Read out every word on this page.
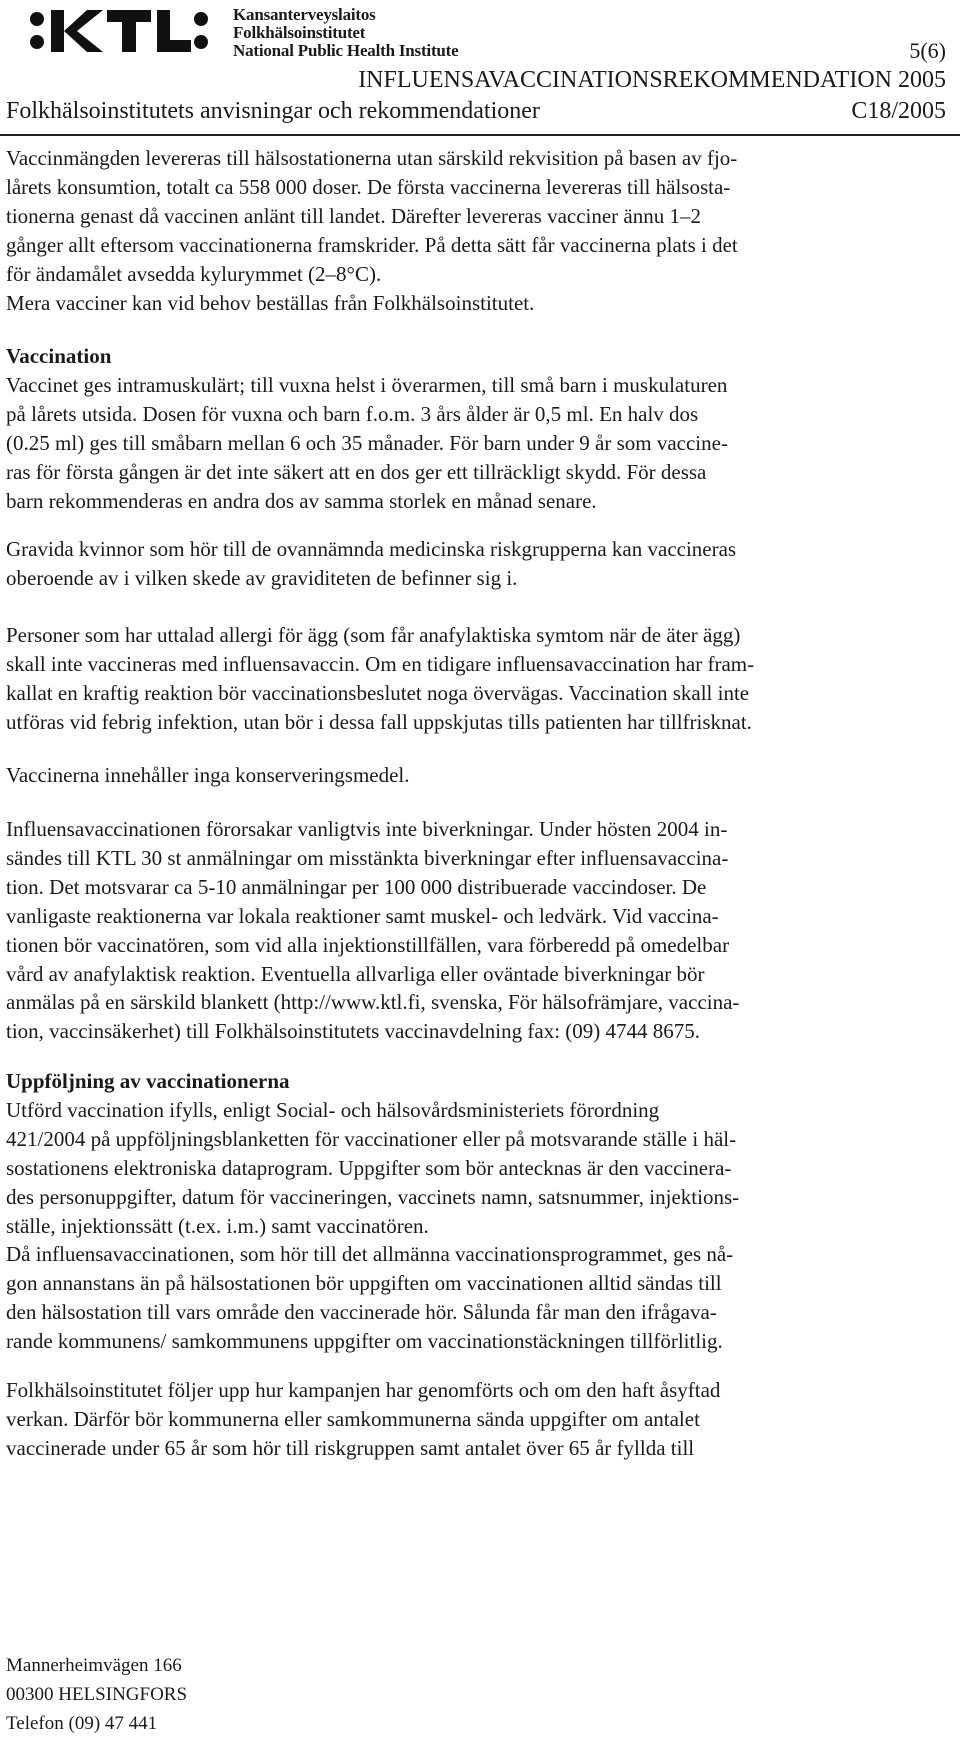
Kansanterveyslaitos
Folkhälsoinstitutet
National Public Health Institute	5(6)
INFLUENSAVACCINATIONSREKOMMENDATION 2005
Folkhälsoinstitutets anvisningar och rekommendationer	C18/2005
Vaccinmängden levereras till hälsostationerna utan särskild rekvisition på basen av fjo-
lårets konsumtion, totalt ca 558 000 doser. De första vaccinerna levereras till hälsosta-
tionerna genast då vaccinen anlänt till landet. Därefter levereras vacciner ännu 1–2
gånger allt eftersom vaccinationerna framskrider. På detta sätt får vaccinerna plats i det
för ändamålet avsedda kylurymmet (2–8°C).
Mera vacciner kan vid behov beställas från Folkhälsoinstitutet.
Vaccination
Vaccinet ges intramuskulärt; till vuxna helst i överarmen, till små barn i muskulaturen
på lårets utsida. Dosen för vuxna och barn f.o.m. 3 års ålder är 0,5 ml. En halv dos
(0.25 ml) ges till småbarn mellan 6 och 35 månader. För barn under 9 år som vaccine-
ras för första gången är det inte säkert att en dos ger ett tillräckligt skydd. För dessa
barn rekommenderas en andra dos av samma storlek en månad senare.
Gravida kvinnor som hör till de ovannämnda medicinska riskgrupperna kan vaccineras
oberoende av i vilken skede av graviditeten de befinner sig i.
Personer som har uttalad allergi för ägg (som får anafylaktiska symtom när de äter ägg)
skall inte vaccineras med influensavaccin. Om en tidigare influensavaccination har fram-
kallat en kraftig reaktion bör vaccinationsbeslutet noga övervägas. Vaccination skall inte
utföras vid febrig infektion, utan bör i dessa fall uppskjutas tills patienten har tillfrisknat.
Vaccinerna innehåller inga konserveringsmedel.
Influensavaccinationen förorsakar vanligtvis inte biverkningar. Under hösten 2004 in-
sändes till KTL 30 st anmälningar om misstänkta biverkningar efter influensavaccina-
tion. Det motsvarar ca 5-10 anmälningar per 100 000 distribuerade vaccindoser. De
vanligaste reaktionerna var lokala reaktioner samt muskel- och ledvärk. Vid vaccina-
tionen bör vaccinatören, som vid alla injektionstillfällen, vara förberedd på omedelbar
vård av anafylaktisk reaktion. Eventuella allvarliga eller oväntade biverkningar bör
anmälas på en särskild blankett (http://www.ktl.fi, svenska, För hälsofrämjare, vaccina-
tion, vaccinsäkerhet) till Folkhälsoinstitutets vaccinavdelning fax: (09) 4744 8675.
Uppföljning av vaccinationerna
Utförd vaccination ifylls, enligt Social- och hälsovårdsministeriets förordning
421/2004 på uppföljningsblanketten för vaccinationer eller på motsvarande ställe i häl-
sostationens elektroniska dataprogram. Uppgifter som bör antecknas är den vaccinera-
des personuppgifter, datum för vaccineringen, vaccinets namn, satsnummer, injektions-
ställe, injektionssätt (t.ex. i.m.) samt vaccinatören.
Då influensavaccinationen, som hör till det allmänna vaccinationsprogrammet, ges nå-
gon annanstans än på hälsostationen bör uppgiften om vaccinationen alltid sändas till
den hälsostation till vars område den vaccinerade hör. Sålunda får man den ifrågava-
rande kommunens/ samkommunens uppgifter om vaccinationstäckningen tillförlitlig.
Folkhälsoinstitutet följer upp hur kampanjen har genomförts och om den haft åsyftad
verkan. Därför bör kommunerna eller samkommunerna sända uppgifter om antalet
vaccinerade under 65 år som hör till riskgruppen samt antalet över 65 år fyllda till
Mannerheimvägen 166
00300 HELSINGFORS
Telefon (09) 47 441
